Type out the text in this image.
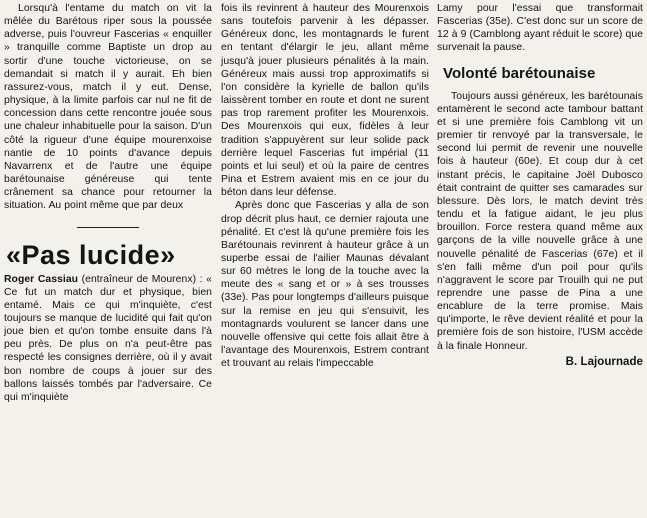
Lorsqu'à l'entame du match on vit la mêlée du Barétous riper sous la poussée adverse, puis l'ouvreur Fascerias « enquiller » tranquille comme Baptiste un drop au sortir d'une touche victorieuse, on se demandait si match il y aurait. Eh bien rassurez-vous, match il y eut. Dense, physique, à la limite parfois car nul ne fit de concession dans cette rencontre jouée sous une chaleur inhabituelle pour la saison. D'un côté la rigueur d'une équipe mourenxoise nantie de 10 points d'avance depuis Navarrenx et de l'autre une équipe barétounaise généreuse qui tente crânement sa chance pour retourner la situation. Au point même que par deux

«Pas lucide»

Roger Cassiau (entraîneur de Mourenx) : « Ce fut un match dur et physique, bien entamé. Mais ce qui m'inquiète, c'est toujours se manque de lucidité qui fait qu'on joue bien et qu'on tombe ensuite dans l'à peu près. De plus on n'a peut-être pas respecté les consignes derrière, où il y avait bon nombre de coups à jouer sur des ballons laissés tombés par l'adversaire. Ce qui m'inquiète

fois ils revinrent à hauteur des Mourenxois sans toutefois parvenir à les dépasser. Généreux donc, les montagnards le furent en tentant d'élargir le jeu, allant même jusqu'à jouer plusieurs pénalités à la main. Généreux mais aussi trop approximatifs si l'on considère la kyrielle de ballon qu'ils laissèrent tomber en route et dont ne surent pas trop rarement profiter les Mourenxois. Des Mourenxois qui eux, fidèles à leur tradition s'appuyèrent sur leur solide pack derrière lequel Fascerias fut impérial (11 points et lui seul) et où la paire de centres Pina et Estrem avaient mis en ce jour du béton dans leur défense.

Après donc que Fascerias y alla de son drop décrit plus haut, ce dernier rajouta une pénalité. Et c'est là qu'une première fois les Barétounais revinrent à hauteur grâce à un superbe essai de l'ailier Maunas dévalant sur 60 mètres le long de la touche avec la meute des « sang et or » à ses trousses (33e). Pas pour longtemps d'ailleurs puisque sur la remise en jeu qui s'ensuivit, les montagnards voulurent se lancer dans une nouvelle offensive qui cette fois allait être à l'avantage des Mourenxois, Estrem contrant et trouvant au relais l'impeccable

Lamy pour l'essai que transformait Fascerias (35e). C'est donc sur un score de 12 à 9 (Camblong ayant réduit le score) que survenait la pause.

Volonté barétounaise

Toujours aussi généreux, les barétounais entamèrent le second acte tambour battant et si une première fois Camblong vit un premier tir renvoyé par la transversale, le second lui permit de revenir une nouvelle fois à hauteur (60e). Et coup dur à cet instant précis, le capitaine Joël Dubosco était contraint de quitter ses camarades sur blessure. Dès lors, le match devint très tendu et la fatigue aidant, le jeu plus brouillon. Force restera quand même aux garçons de la ville nouvelle grâce à une nouvelle pénalité de Fascerias (67e) et il s'en falli même d'un poil pour qu'ils n'aggravent le score par Trouilh qui ne put reprendre une passe de Pina a une encablure de la terre promise. Mais qu'importe, le rêve devient réalité et pour la première fois de son histoire, l'USM accède à la finale Honneur.

B. Lajournade
